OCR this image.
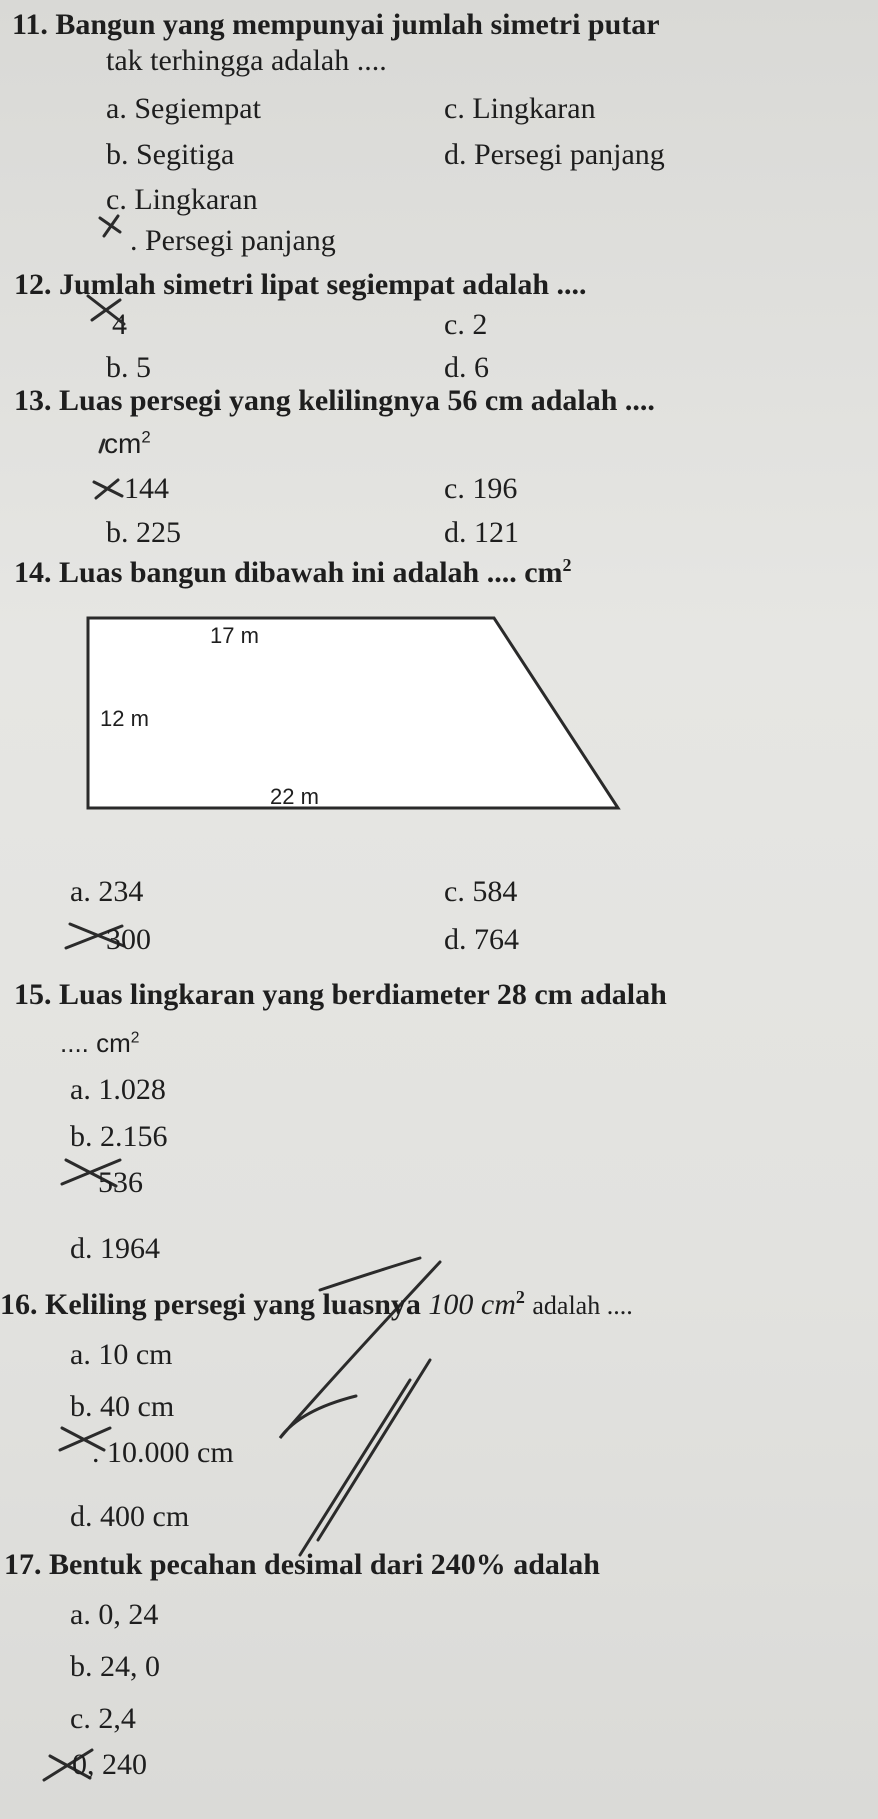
11. Bangun yang mempunyai jumlah simetri putar
tak terhingga adalah ....
a. Segiempat	c. Lingkaran
b. Segitiga	d. Persegi panjang
c. Lingkaran
. Persegi panjang
12. Jumlah simetri lipat segiempat adalah ....
4	c. 2
b. 5	d. 6
13. Luas persegi yang kelilingnya 56 cm adalah ....
$cm^2$
144	c. 196
b. 225	d. 121
14. Luas bangun dibawah ini adalah .... $cm^2$
17 m
12 m
22 m
a. 234	c. 584
300	d. 764
15. Luas lingkaran yang berdiameter 28 cm adalah
.... $cm^2$
a. 1.028
b. 2.156
536
d. 1964
16. Keliling persegi yang luasnya 100 $cm^2$ adalah ....
a. 10 cm
b. 40 cm
. 10.000 cm
d. 400 cm
17. Bentuk pecahan desimal dari 240% adalah
a. 0, 24
b. 24, 0
c. 2,4
0, 240
